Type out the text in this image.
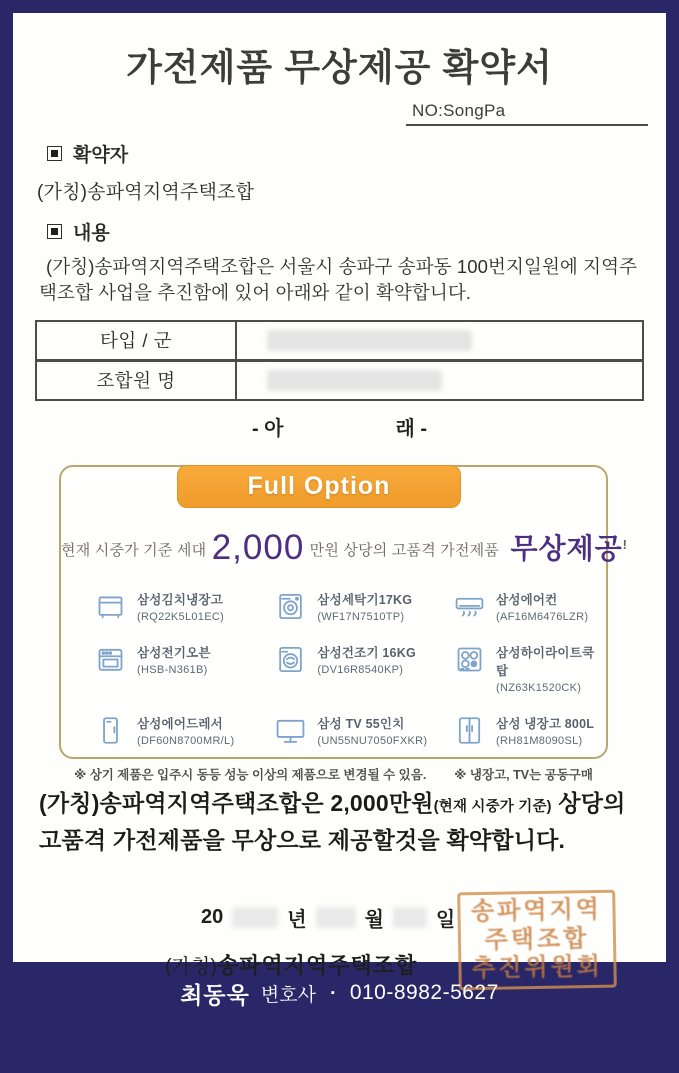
가전제품 무상제공 확약서
NO:SongPa
확약자
(가칭)송파역지역주택조합
내용
(가칭)송파역지역주택조합은 서울시 송파구 송파동 100번지일원에 지역주택조합 사업을 추진함에 있어 아래와 같이 확약합니다.
타입 / 군
조합원 명
- 아	래 -
Full Option
현재 시중가 기준 세대 2,000 만원 상당의 고품격 가전제품 무상제공!
삼성김치냉장고
(RQ22K5L01EC)
삼성세탁기17KG
(WF17N7510TP)
삼성에어컨
(AF16M6476LZR)
삼성전기오븐
(HSB-N361B)
삼성건조기 16KG
(DV16R8540KP)
삼성하이라이트쿡탑
(NZ63K1520CK)
삼성에어드레서
(DF60N8700MR/L)
삼성 TV 55인치
(UN55NU7050FXKR)
삼성 냉장고 800L
(RH81M8090SL)
※ 상기 제품은 입주시 동등 성능 이상의 제품으로 변경될 수 있음. ※ 냉장고, TV는 공동구매
(가칭)송파역지역주택조합은 2,000만원(현재 시중가 기준) 상당의 고품격 가전제품을 무상으로 제공할것을 확약합니다.
20	년	월	일
(가칭)송파역지역주택조합
송파역지역
주택조합
추진위원회
최동욱 변호사 ▪ 010-8982-5627
